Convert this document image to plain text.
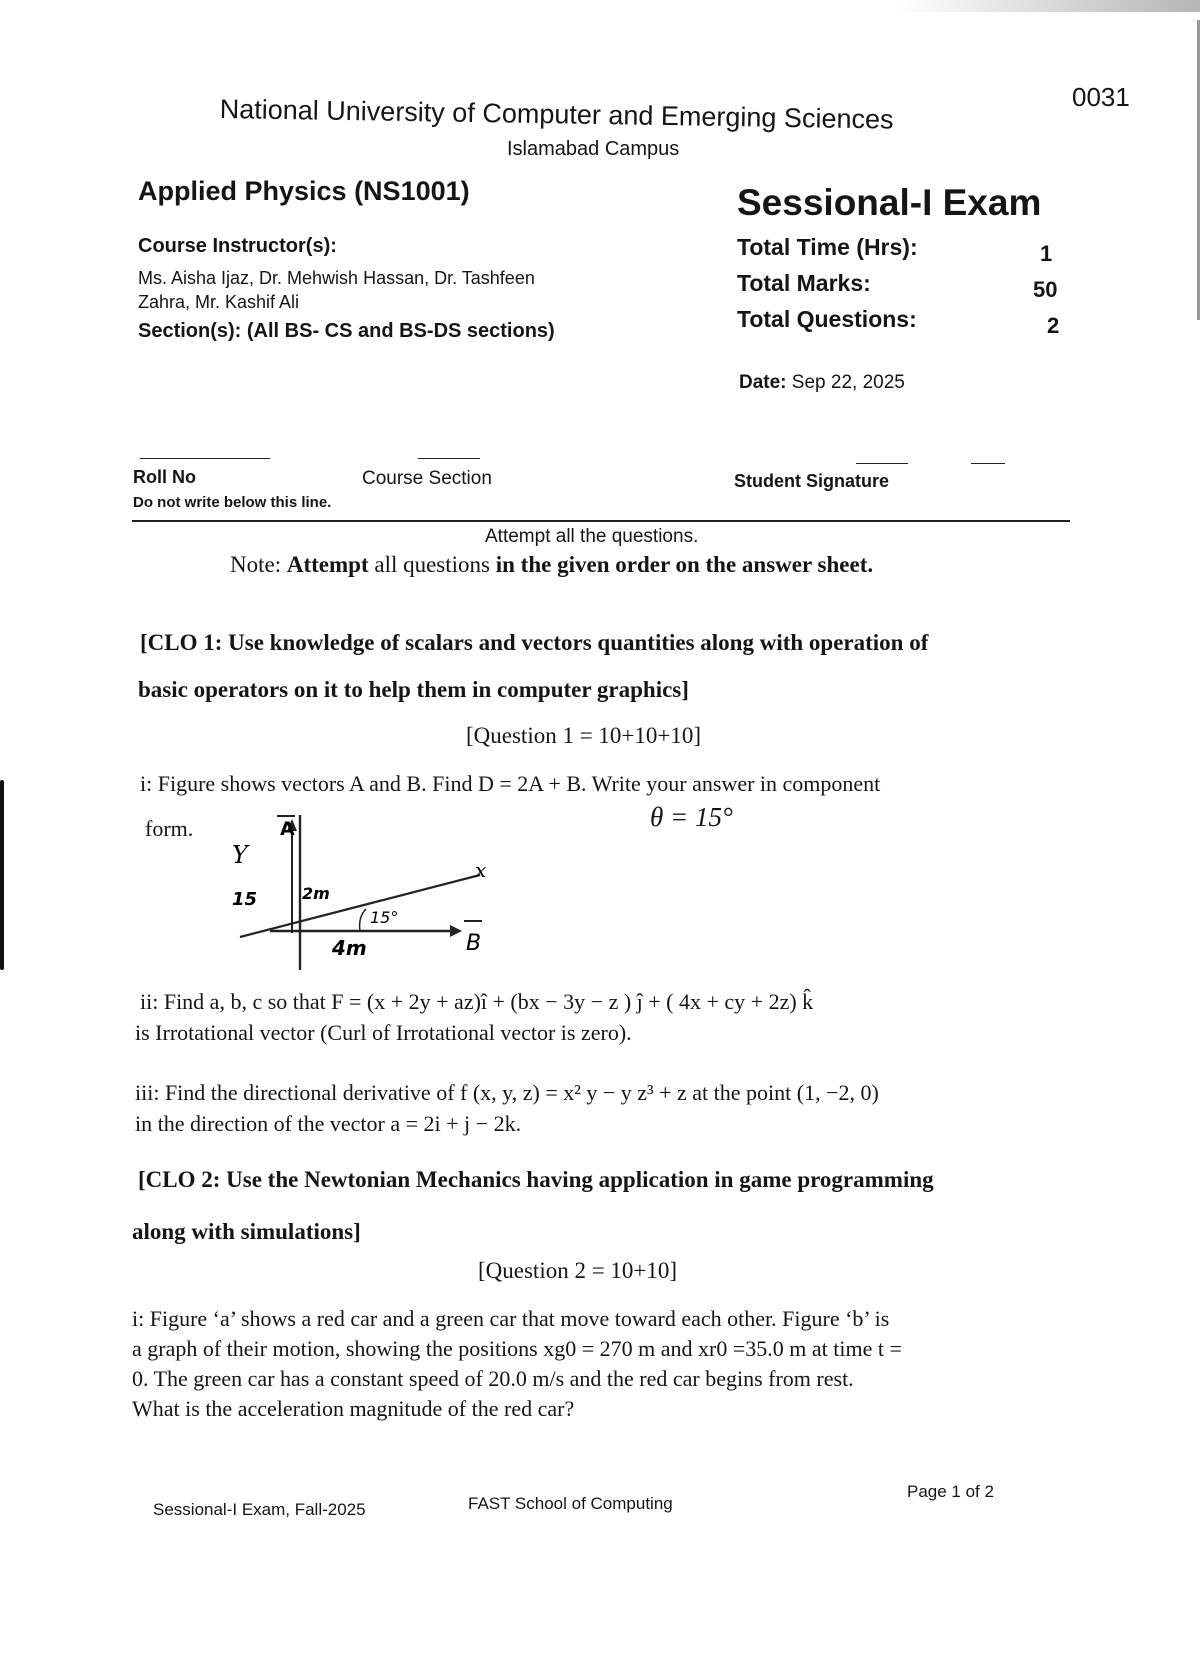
0031
National University of Computer and Emerging Sciences
Islamabad Campus
Applied Physics (NS1001)	Sessional-I Exam
Course Instructor(s):
Ms. Aisha Ijaz, Dr. Mehwish Hassan, Dr. Tashfeen
Zahra, Mr. Kashif Ali
Section(s): (All BS- CS and BS-DS sections)
Total Time (Hrs):	1
Total Marks:	50
Total Questions:	2
Date: Sep 22, 2025
Roll No	Course Section	Student Signature
Do not write below this line.
Attempt all the questions.
Note: Attempt all questions in the given order on the answer sheet.
[CLO 1: Use knowledge of scalars and vectors quantities along with operation of
basic operators on it to help them in computer graphics]
[Question 1 = 10+10+10]
i: Figure shows vectors A and B. Find D = 2A + B. Write your answer in component
form.	θ = 15°
Y
x
A
B
15	2m
15°
4m
ii: Find a, b, c so that F = (x + 2y + az)î + (bx − 3y − z ) ĵ + ( 4x + cy + 2z) k̂
is Irrotational vector (Curl of Irrotational vector is zero).
iii: Find the directional derivative of f (x, y, z) = x² y − y z³ + z at the point (1, −2, 0)
in the direction of the vector a = 2i + j − 2k.
[CLO 2: Use the Newtonian Mechanics having application in game programming
along with simulations]
[Question 2 = 10+10]
i: Figure ‘a’ shows a red car and a green car that move toward each other. Figure ‘b’ is
a graph of their motion, showing the positions xg0 = 270 m and xr0 =35.0 m at time t =
0. The green car has a constant speed of 20.0 m/s and the red car begins from rest.
What is the acceleration magnitude of the red car?
Sessional-I Exam, Fall-2025	FAST School of Computing
Page 1 of 2
